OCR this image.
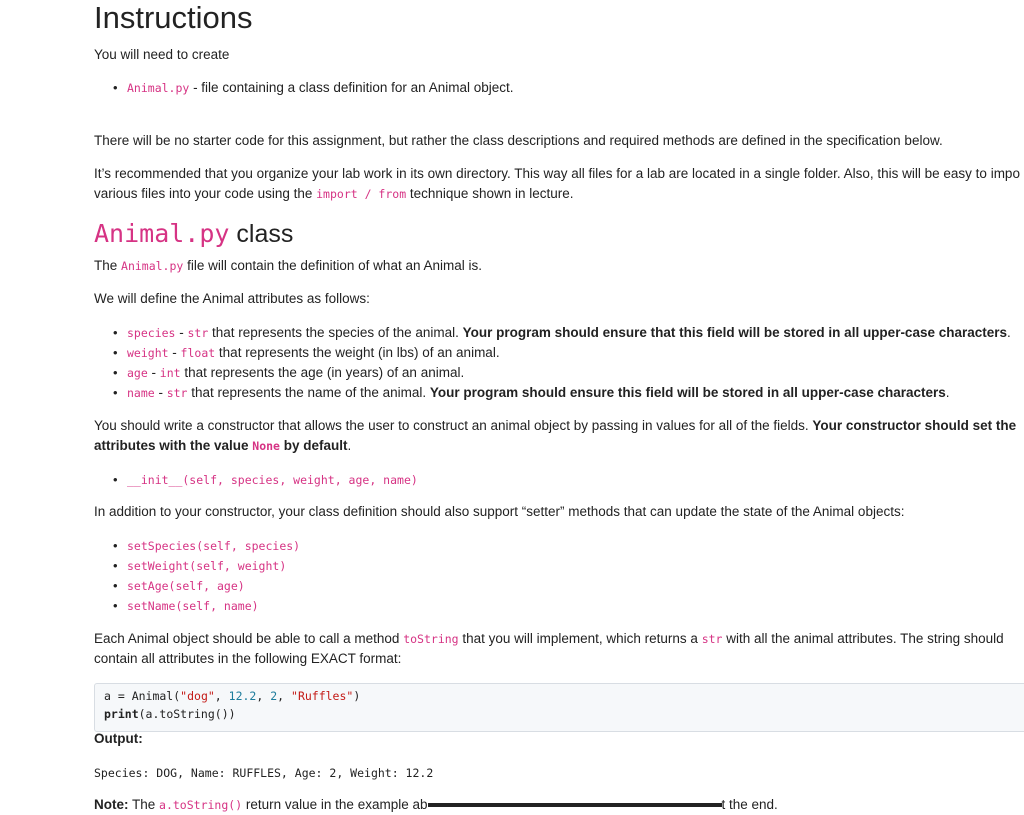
Instructions
You will need to create
• Animal.py - file containing a class definition for an Animal object.
There will be no starter code for this assignment, but rather the class descriptions and required methods are defined in the specification below.
It’s recommended that you organize your lab work in its own directory. This way all files for a lab are located in a single folder. Also, this will be easy to impo
various files into your code using the import / from technique shown in lecture.
Animal.py class
The Animal.py file will contain the definition of what an Animal is.
We will define the Animal attributes as follows:
• species - str that represents the species of the animal. Your program should ensure that this field will be stored in all upper-case characters.
• weight - float that represents the weight (in lbs) of an animal.
• age - int that represents the age (in years) of an animal.
• name - str that represents the name of the animal. Your program should ensure this field will be stored in all upper-case characters.
You should write a constructor that allows the user to construct an animal object by passing in values for all of the fields. Your constructor should set the
attributes with the value None by default.
• __init__(self, species, weight, age, name)
In addition to your constructor, your class definition should also support “setter” methods that can update the state of the Animal objects:
• setSpecies(self, species)
• setWeight(self, weight)
• setAge(self, age)
• setName(self, name)
Each Animal object should be able to call a method toString that you will implement, which returns a str with all the animal attributes. The string should
contain all attributes in the following EXACT format:
a = Animal("dog", 12.2, 2, "Ruffles")
print(a.toString())
Output:
Species: DOG, Name: RUFFLES, Age: 2, Weight: 12.2
Note: The a.toString() return value in the example ab	t the end.
